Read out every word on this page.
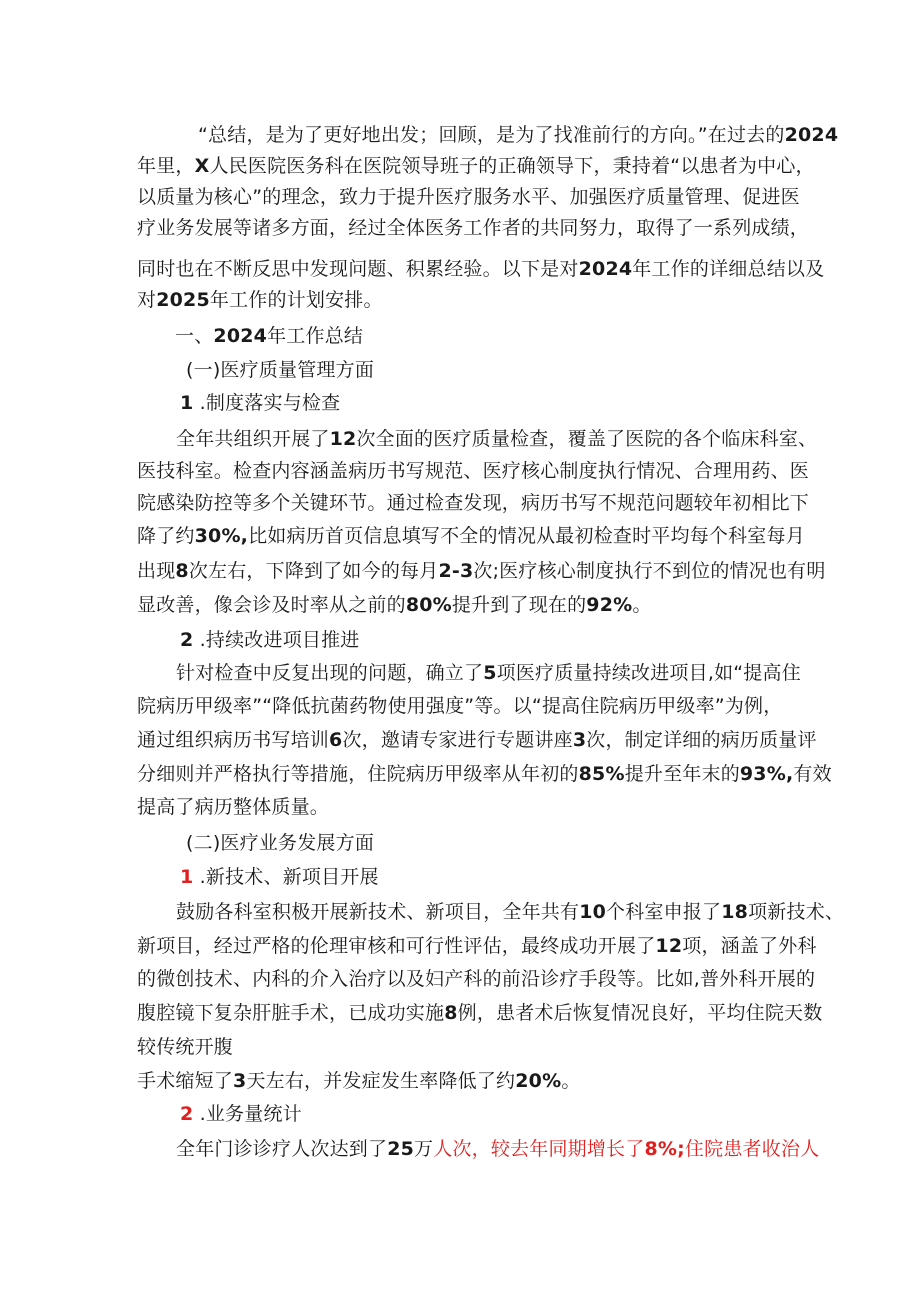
“总结，是为了更好地出发；回顾，是为了找准前行的方向。”在过去的2024
年里，X人民医院医务科在医院领导班子的正确领导下，秉持着“以患者为中心，
以质量为核心”的理念，致力于提升医疗服务水平、加强医疗质量管理、促进医
疗业务发展等诸多方面，经过全体医务工作者的共同努力，取得了一系列成绩，
同时也在不断反思中发现问题、积累经验。以下是对2024年工作的详细总结以及
对2025年工作的计划安排。
一、2024年工作总结
(一)医疗质量管理方面
1 .制度落实与检查
全年共组织开展了12次全面的医疗质量检查，覆盖了医院的各个临床科室、
医技科室。检查内容涵盖病历书写规范、医疗核心制度执行情况、合理用药、医
院感染防控等多个关键环节。通过检查发现，病历书写不规范问题较年初相比下
降了约30%,比如病历首页信息填写不全的情况从最初检查时平均每个科室每月
出现8次左右，下降到了如今的每月2-3次;医疗核心制度执行不到位的情况也有明
显改善，像会诊及时率从之前的80%提升到了现在的92%。
2 .持续改进项目推进
针对检查中反复出现的问题，确立了5项医疗质量持续改进项目,如“提高住
院病历甲级率”“降低抗菌药物使用强度”等。以“提高住院病历甲级率”为例，
通过组织病历书写培训6次，邀请专家进行专题讲座3次，制定详细的病历质量评
分细则并严格执行等措施，住院病历甲级率从年初的85%提升至年末的93%,有效
提高了病历整体质量。
(二)医疗业务发展方面
1 .新技术、新项目开展
鼓励各科室积极开展新技术、新项目，全年共有10个科室申报了18项新技术、
新项目，经过严格的伦理审核和可行性评估，最终成功开展了12项，涵盖了外科
的微创技术、内科的介入治疗以及妇产科的前沿诊疗手段等。比如,普外科开展的
腹腔镜下复杂肝脏手术，已成功实施8例，患者术后恢复情况良好，平均住院天数
较传统开腹
手术缩短了3天左右，并发症发生率降低了约20%。
2 .业务量统计
全年门诊诊疗人次达到了25万人次，较去年同期增长了8%;住院患者收治人
